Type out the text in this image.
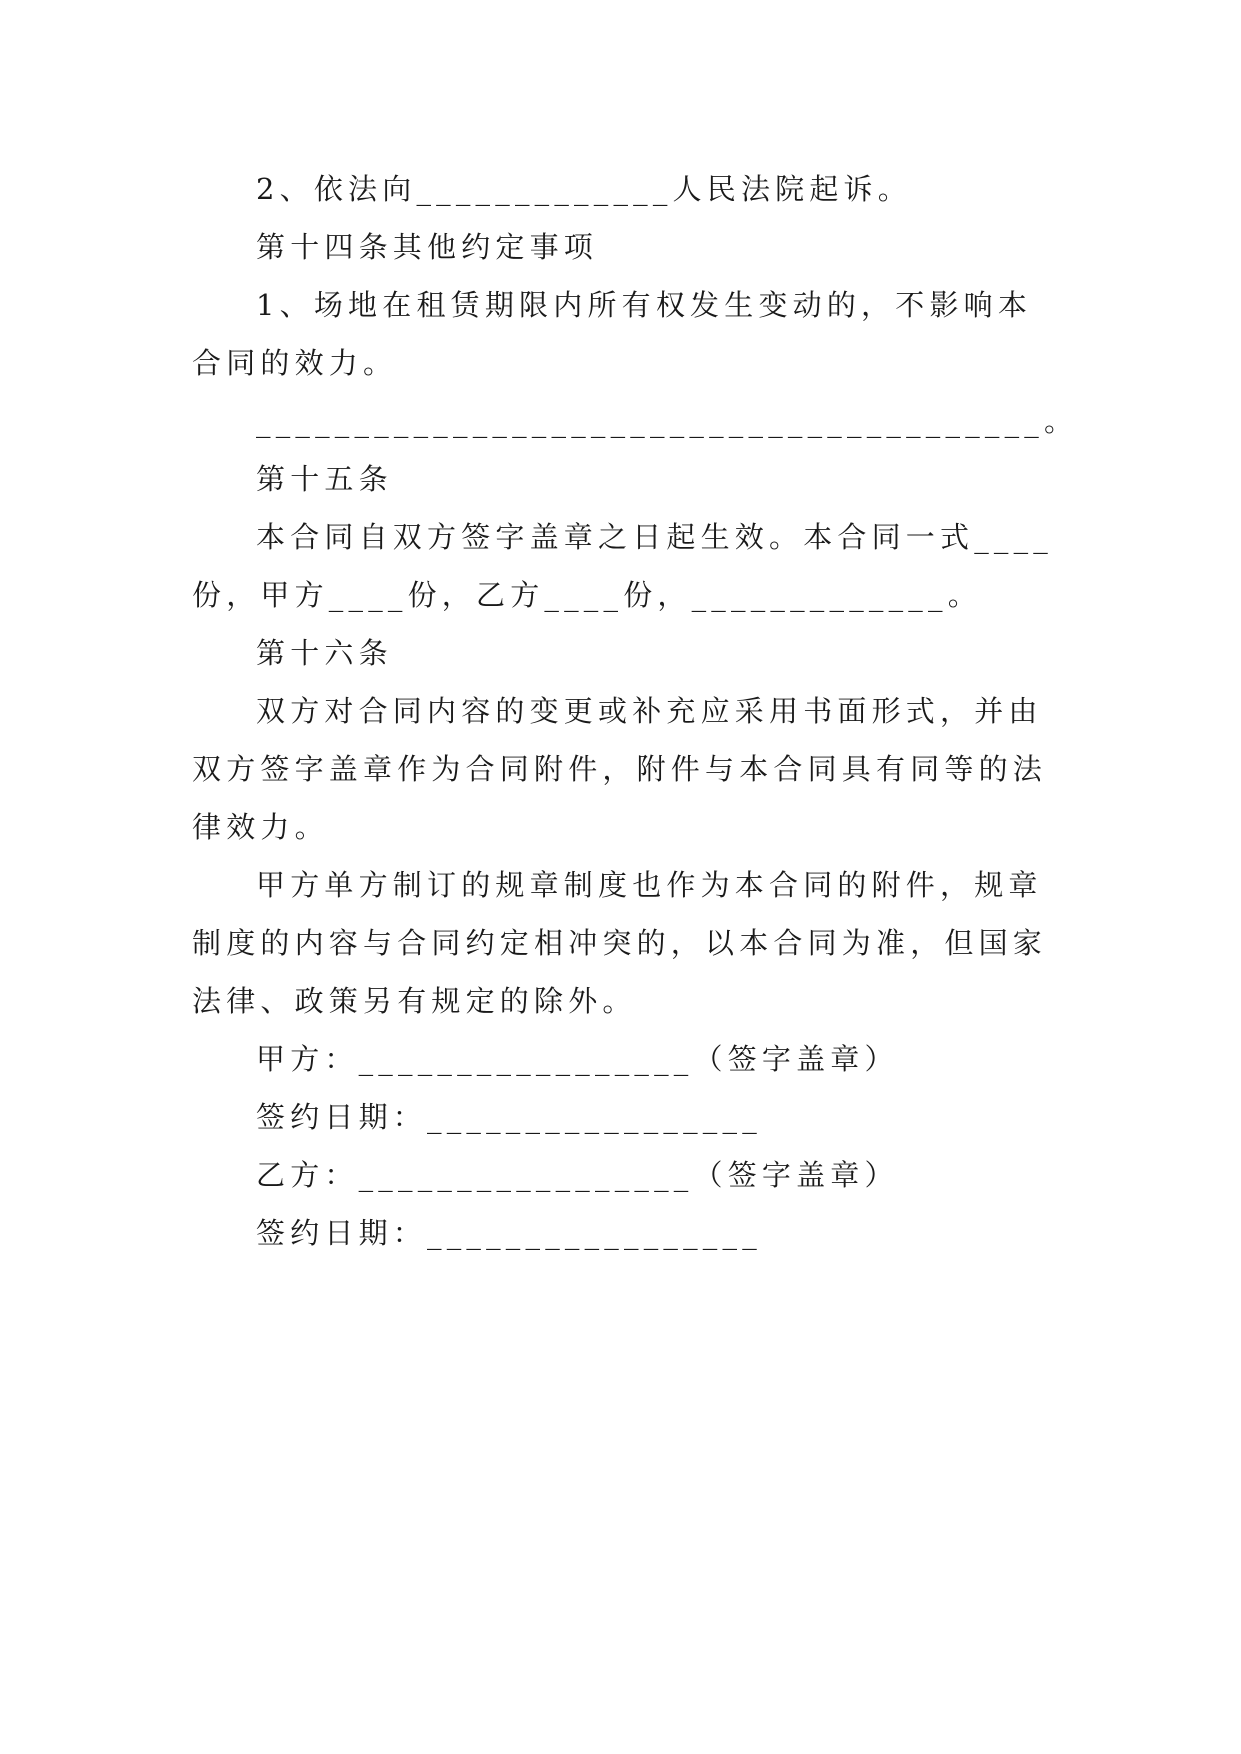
2、依法向_____________人民法院起诉。

第十四条其他约定事项

1、场地在租赁期限内所有权发生变动的，不影响本合同的效力。

________________________________________。

第十五条

本合同自双方签字盖章之日起生效。本合同一式____份，甲方____份，乙方____份，_____________。

第十六条

双方对合同内容的变更或补充应采用书面形式，并由双方签字盖章作为合同附件，附件与本合同具有同等的法律效力。

甲方单方制订的规章制度也作为本合同的附件，规章制度的内容与合同约定相冲突的，以本合同为准，但国家法律、政策另有规定的除外。

甲方：_________________（签字盖章）

签约日期：_________________

乙方：_________________（签字盖章）

签约日期：_________________
